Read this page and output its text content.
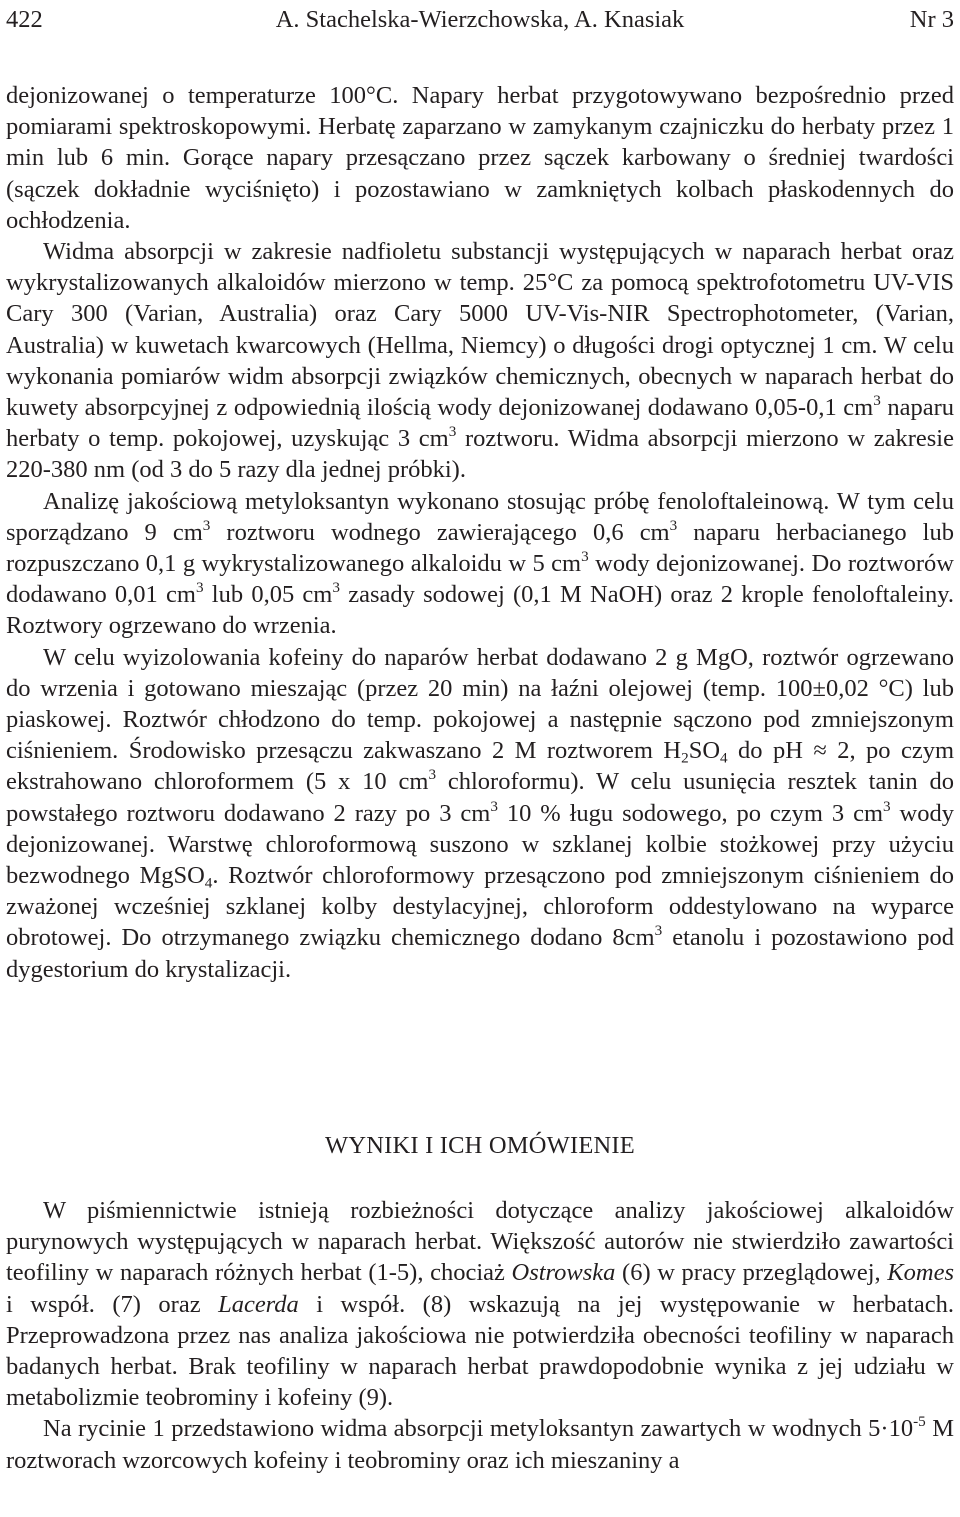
422	A. Stachelska-Wierzchowska, A. Knasiak	Nr 3

dejonizowanej o temperaturze 100°C. Napary herbat przygotowywano bezpośrednio przed pomiarami spektroskopowymi. Herbatę zaparzano w zamykanym czajniczku do herbaty przez 1 min lub 6 min. Gorące napary przesączano przez sączek karbowany o średniej twardości (sączek dokładnie wyciśnięto) i pozostawiano w zamkniętych kolbach płaskodennych do ochłodzenia.

Widma absorpcji w zakresie nadfioletu substancji występujących w naparach herbat oraz wykrystalizowanych alkaloidów mierzono w temp. 25°C za pomocą spektrofotometru UV-VIS Cary 300 (Varian, Australia) oraz Cary 5000 UV-Vis-NIR Spectrophotometer, (Varian, Australia) w kuwetach kwarcowych (Hellma, Niemcy) o długości drogi optycznej 1 cm. W celu wykonania pomiarów widm absorpcji związków chemicznych, obecnych w naparach herbat do kuwety absorpcyjnej z odpowiednią ilością wody dejonizowanej dodawano 0,05-0,1 $cm^3$ naparu herbaty o temp. pokojowej, uzyskując 3 $cm^3$ roztworu. Widma absorpcji mierzono w zakresie 220-380 nm (od 3 do 5 razy dla jednej próbki).

Analizę jakościową metyloksantyn wykonano stosując próbę fenoloftaleinową. W tym celu sporządzano 9 $cm^3$ roztworu wodnego zawierającego 0,6 $cm^3$ naparu herbacianego lub rozpuszczano 0,1 g wykrystalizowanego alkaloidu w 5 $cm^3$ wody dejonizowanej. Do roztworów dodawano 0,01 $cm^3$ lub 0,05 $cm^3$ zasady sodowej (0,1 M NaOH) oraz 2 krople fenoloftaleiny. Roztwory ogrzewano do wrzenia.

W celu wyizolowania kofeiny do naparów herbat dodawano 2 g MgO, roztwór ogrzewano do wrzenia i gotowano mieszając (przez 20 min) na łaźni olejowej (temp. 100±0,02 °C) lub piaskowej. Roztwór chłodzono do temp. pokojowej a następnie sączono pod zmniejszonym ciśnieniem. Środowisko przesączu zakwaszano 2 M roztworem $H_2SO_4$ do pH ≈ 2, po czym ekstrahowano chloroformem (5 x 10 $cm^3$ chloroformu). W celu usunięcia resztek tanin do powstałego roztworu dodawano 2 razy po 3 $cm^3$ 10 % ługu sodowego, po czym 3 $cm^3$ wody dejonizowanej. Warstwę chloroformową suszono w szklanej kolbie stożkowej przy użyciu bezwodnego MgSO$_4$. Roztwór chloroformowy przesączono pod zmniejszonym ciśnieniem do zważonej wcześniej szklanej kolby destylacyjnej, chloroform oddestylowano na wyparce obrotowej. Do otrzymanego związku chemicznego dodano $8cm^3$ etanolu i pozostawiono pod dygestorium do krystalizacji.

WYNIKI I ICH OMÓWIENIE

W piśmiennictwie istnieją rozbieżności dotyczące analizy jakościowej alkaloidów purynowych występujących w naparach herbat. Większość autorów nie stwierdziło zawartości teofiliny w naparach różnych herbat (1-5), chociaż Ostrowska (6) w pracy przeglądowej, Komes i współ. (7) oraz Lacerda i współ. (8) wskazują na jej występowanie w herbatach. Przeprowadzona przez nas analiza jakościowa nie potwierdziła obecności teofiliny w naparach badanych herbat. Brak teofiliny w naparach herbat prawdopodobnie wynika z jej udziału w metabolizmie teobrominy i kofeiny (9).

Na rycinie 1 przedstawiono widma absorpcji metyloksantyn zawartych w wodnych $5\cdot 10^{-5}$ M roztworach wzorcowych kofeiny i teobrominy oraz ich mieszaniny a
